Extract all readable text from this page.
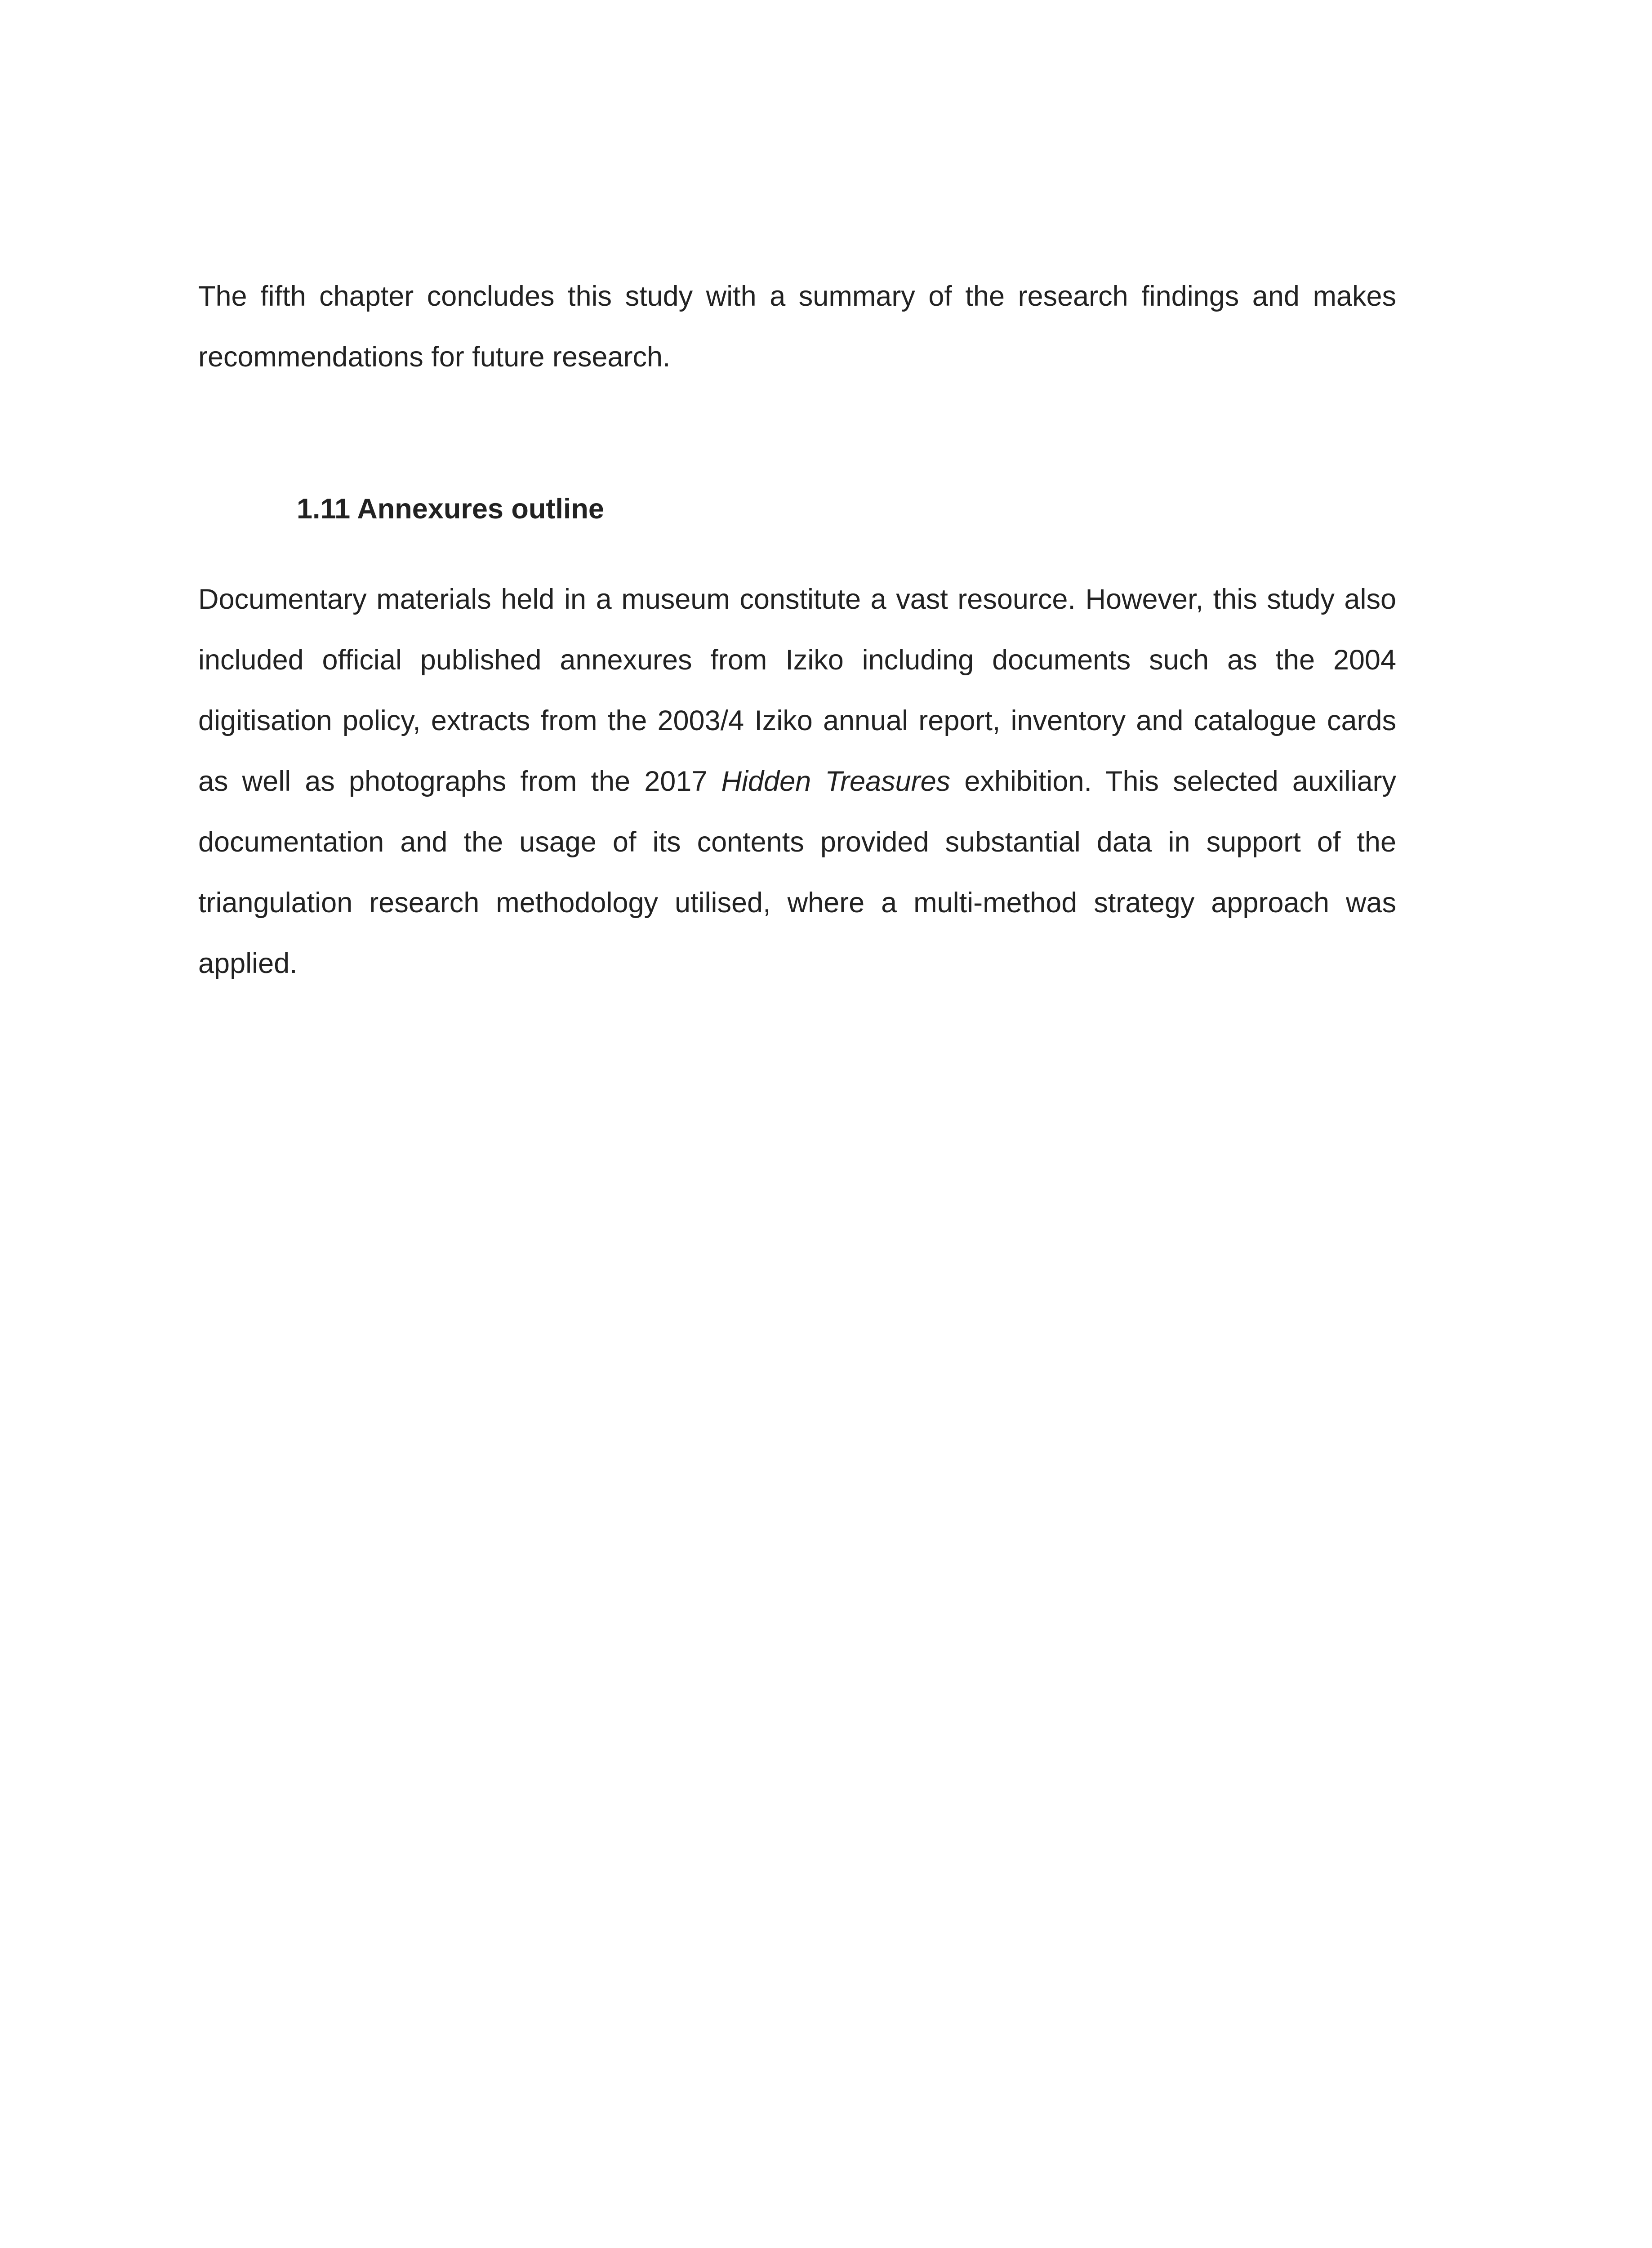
The fifth chapter concludes this study with a summary of the research findings and makes recommendations for future research.

1.11 Annexures outline

Documentary materials held in a museum constitute a vast resource. However, this study also included official published annexures from Iziko including documents such as the 2004 digitisation policy, extracts from the 2003/4 Iziko annual report, inventory and catalogue cards as well as photographs from the 2017 Hidden Treasures exhibition. This selected auxiliary documentation and the usage of its contents provided substantial data in support of the triangulation research methodology utilised, where a multi-method strategy approach was applied.
